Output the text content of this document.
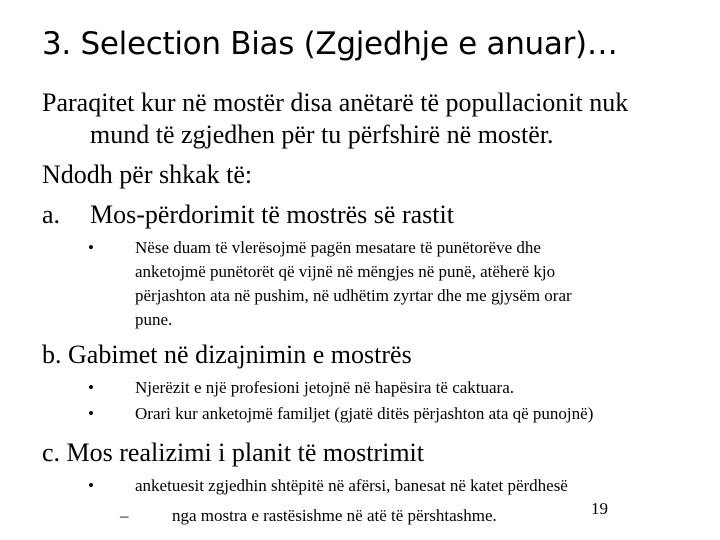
3. Selection Bias (Zgjedhje e anuar)…
Paraqitet kur në mostër disa anëtarë të popullacionit nuk
mund të zgjedhen për tu përfshirë në mostër.
Ndodh për shkak të:
a. Mos-përdorimit të mostrës së rastit
• Nëse duam të vlerësojmë pagën mesatare të punëtorëve dhe
anketojmë punëtorët që vijnë në mëngjes në punë, atëherë kjo
përjashton ata në pushim, në udhëtim zyrtar dhe me gjysëm orar
pune.
b. Gabimet në dizajnimin e mostrës
• Njerëzit e një profesioni jetojnë në hapësira të caktuara.
• Orari kur anketojmë familjet (gjatë ditës përjashton ata që punojnë)
c. Mos realizimi i planit të mostrimit
• anketuesit zgjedhin shtëpitë në afërsi, banesat në katet përdhesë
–	nga mostra e rastësishme në atë të përshtashme.	19
